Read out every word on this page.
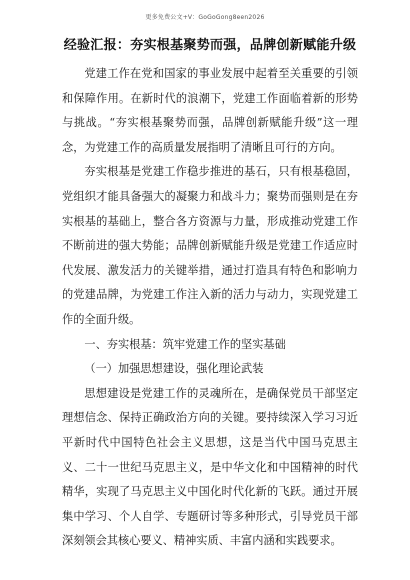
更多免费公文+V：GoGoGong8een2026
经验汇报：夯实根基聚势而强，品牌创新赋能升级

党建工作在党和国家的事业发展中起着至关重要的引领和保障作用。在新时代的浪潮下，党建工作面临着新的形势与挑战。“夯实根基聚势而强，品牌创新赋能升级”这一理念，为党建工作的高质量发展指明了清晰且可行的方向。

夯实根基是党建工作稳步推进的基石，只有根基稳固，党组织才能具备强大的凝聚力和战斗力；聚势而强则是在夯实根基的基础上，整合各方资源与力量，形成推动党建工作不断前进的强大势能；品牌创新赋能升级是党建工作适应时代发展、激发活力的关键举措，通过打造具有特色和影响力的党建品牌，为党建工作注入新的活力与动力，实现党建工作的全面升级。

一、夯实根基：筑牢党建工作的坚实基础

（一）加强思想建设，强化理论武装

思想建设是党建工作的灵魂所在，是确保党员干部坚定理想信念、保持正确政治方向的关键。要持续深入学习习近平新时代中国特色社会主义思想，这是当代中国马克思主义、二十一世纪马克思主义，是中华文化和中国精神的时代精华，实现了马克思主义中国化时代化新的飞跃。通过开展集中学习、个人自学、专题研讨等多种形式，引导党员干部深刻领会其核心要义、精神实质、丰富内涵和实践要求。
